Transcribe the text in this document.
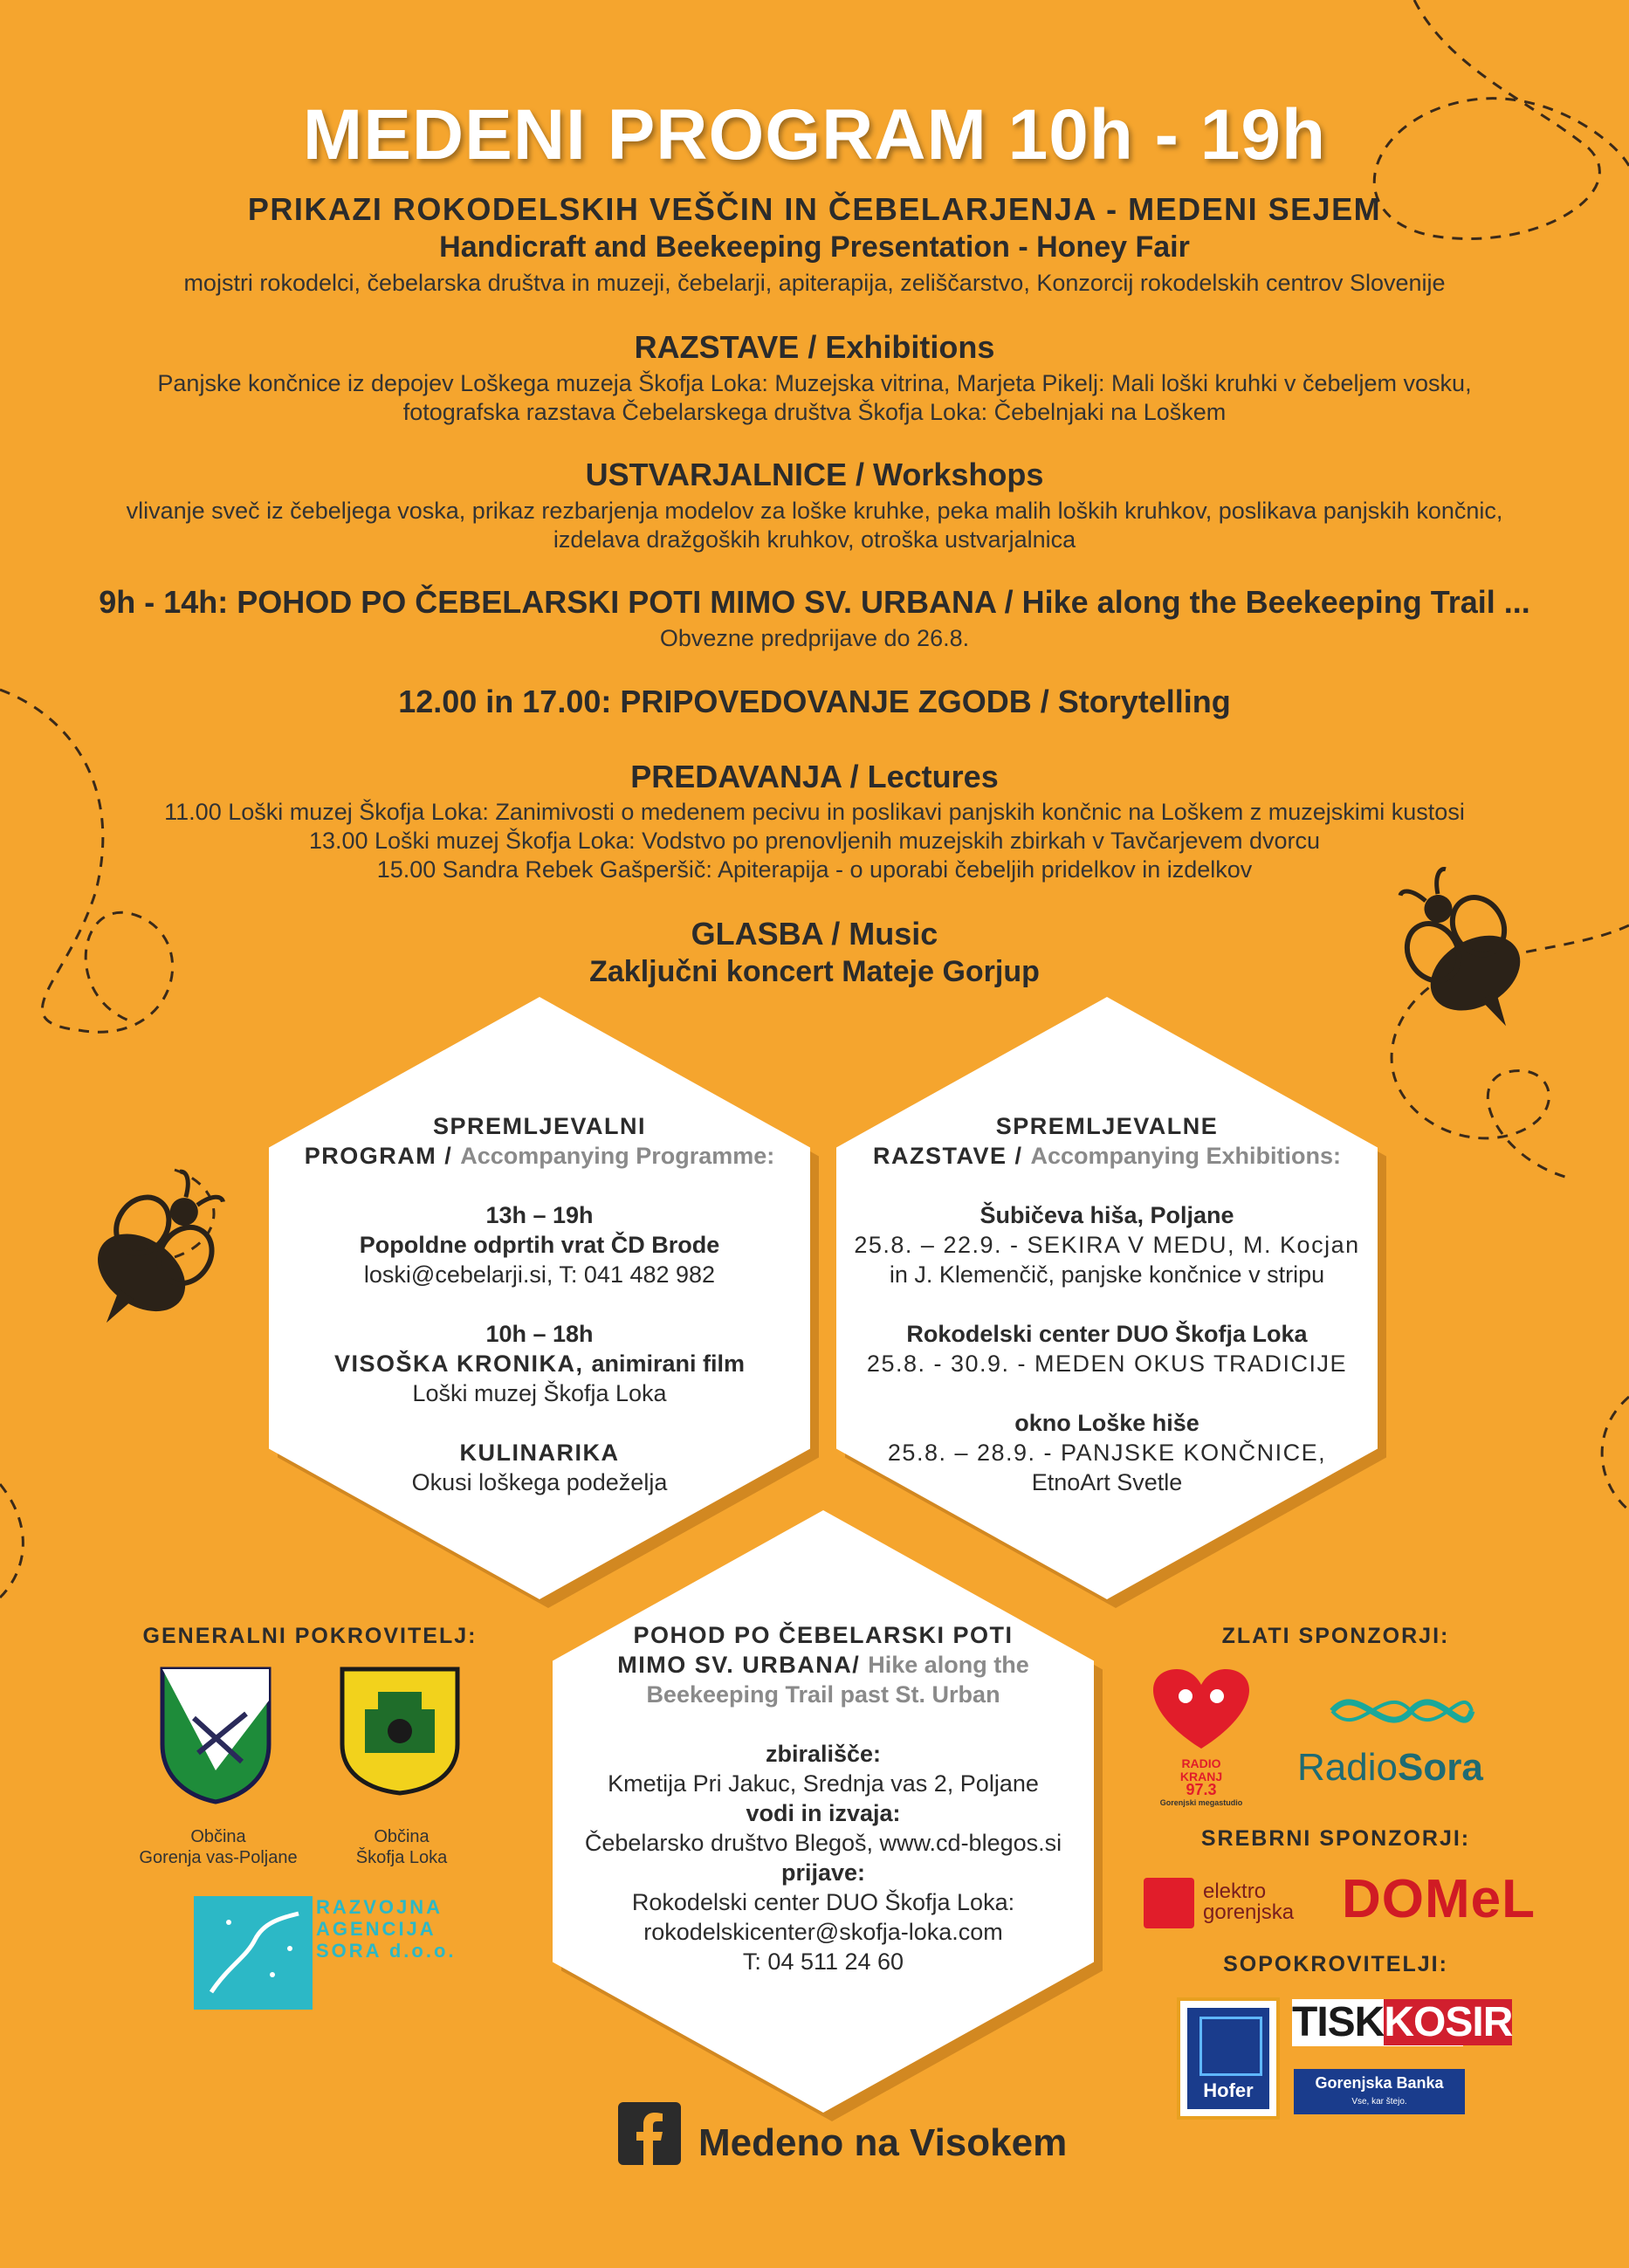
MEDENI PROGRAM 10h - 19h
PRIKAZI ROKODELSKIH VEŠČIN IN ČEBELARJENJA - MEDENI SEJEM
Handicraft and Beekeeping Presentation - Honey Fair
mojstri rokodelci, čebelarska društva in muzeji, čebelarji, apiterapija, zeliščarstvo, Konzorcij rokodelskih centrov Slovenije
RAZSTAVE / Exhibitions
Panjske končnice iz depojev Loškega muzeja Škofja Loka: Muzejska vitrina, Marjeta Pikelj: Mali loški kruhki v čebeljem vosku,
fotografska razstava Čebelarskega društva Škofja Loka: Čebelnjaki na Loškem
USTVARJALNICE / Workshops
vlivanje sveč iz čebeljega voska, prikaz rezbarjenja modelov za loške kruhke, peka malih loških kruhkov, poslikava panjskih končnic,
izdelava dražgoških kruhkov, otroška ustvarjalnica
9h - 14h: POHOD PO ČEBELARSKI POTI MIMO SV. URBANA / Hike along the Beekeeping Trail ...
Obvezne predprijave do 26.8.
12.00 in 17.00: PRIPOVEDOVANJE ZGODB / Storytelling
PREDAVANJA / Lectures
11.00 Loški muzej Škofja Loka: Zanimivosti o medenem pecivu in poslikavi panjskih končnic na Loškem z muzejskimi kustosi
13.00 Loški muzej Škofja Loka: Vodstvo po prenovljenih muzejskih zbirkah v Tavčarjevem dvorcu
15.00 Sandra Rebek Gašperšič: Apiterapija - o uporabi čebeljih pridelkov in izdelkov
GLASBA / Music
Zaključni koncert Mateje Gorjup
SPREMLJEVALNI
PROGRAM / Accompanying Programme:
13h – 19h
Popoldne odprtih vrat ČD Brode
loski@cebelarji.si, T: 041 482 982
10h – 18h
VISOŠKA KRONIKA, animirani film
Loški muzej Škofja Loka
KULINARIKA
Okusi loškega podeželja
SPREMLJEVALNE
RAZSTAVE / Accompanying Exhibitions:
Šubičeva hiša, Poljane
25.8. – 22.9. - SEKIRA V MEDU, M. Kocjan
in J. Klemenčič, panjske končnice v stripu
Rokodelski center DUO Škofja Loka
25.8. - 30.9. - MEDEN OKUS TRADICIJE
okno Loške hiše
25.8. – 28.9. - PANJSKE KONČNICE,
EtnoArt Svetle
POHOD PO ČEBELARSKI POTI
MIMO SV. URBANA/ Hike along the
Beekeeping Trail past St. Urban
zbirališče:
Kmetija Pri Jakuc, Srednja vas 2, Poljane
vodi in izvaja:
Čebelarsko društvo Blegoš, www.cd-blegos.si
prijave:
Rokodelski center DUO Škofja Loka:
rokodelskicenter@skofja-loka.com
T: 04 511 24 60
GENERALNI POKROVITELJ:
Občina
Gorenja vas-Poljane
Občina
Škofja Loka
RAZVOJNA
AGENCIJA
SORA d.o.o.
ZLATI SPONZORJI:
RADIO
KRANJ
97.3
Gorenjski megastudio
RadioSora
SREBRNI SPONZORJI:
elektro
gorenjska DOMeL
SOPOKROVITELJI:
Hofer
TISKKOSIR
Gorenjska Banka
Vse, kar štejo.
Medeno na Visokem
